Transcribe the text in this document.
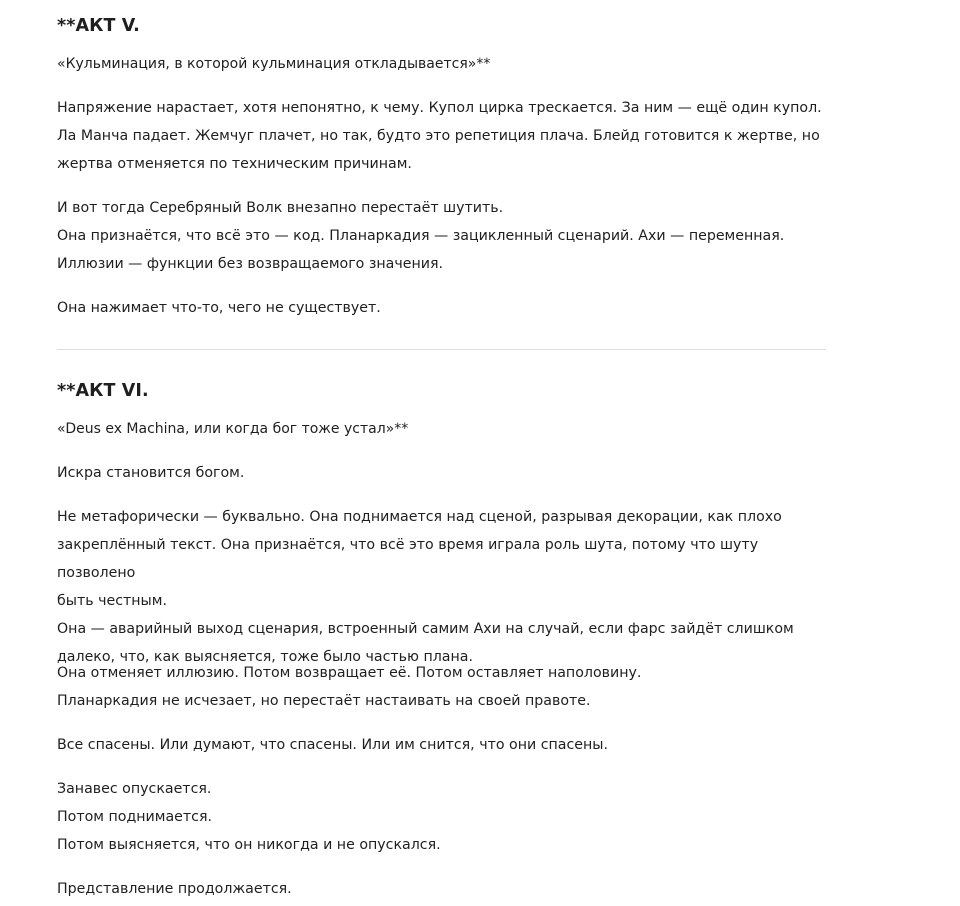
**АКТ V.
«Кульминация, в которой кульминация откладывается»**

Напряжение нарастает, хотя непонятно, к чему. Купол цирка трескается. За ним — ещё один купол.
Ла Манча падает. Жемчуг плачет, но так, будто это репетиция плача. Блейд готовится к жертве, но
жертва отменяется по техническим причинам.

И вот тогда Серебряный Волк внезапно перестаёт шутить.
Она признаётся, что всё это — код. Планаркадия — зацикленный сценарий. Ахи — переменная.
Иллюзии — функции без возвращаемого значения.

Она нажимает что-то, чего не существует.

**АКТ VI.
«Deus ex Machina, или когда бог тоже устал»**

Искра становится богом.

Не метафорически — буквально. Она поднимается над сценой, разрывая декорации, как плохо
закреплённый текст. Она признаётся, что всё это время играла роль шута, потому что шуту позволено
быть честным.
Она — аварийный выход сценария, встроенный самим Ахи на случай, если фарс зайдёт слишком
далеко, что, как выясняется, тоже было частью плана.

Она отменяет иллюзию. Потом возвращает её. Потом оставляет наполовину.
Планаркадия не исчезает, но перестаёт настаивать на своей правоте.

Все спасены. Или думают, что спасены. Или им снится, что они спасены.

Занавес опускается.
Потом поднимается.
Потом выясняется, что он никогда и не опускался.

Представление продолжается.
